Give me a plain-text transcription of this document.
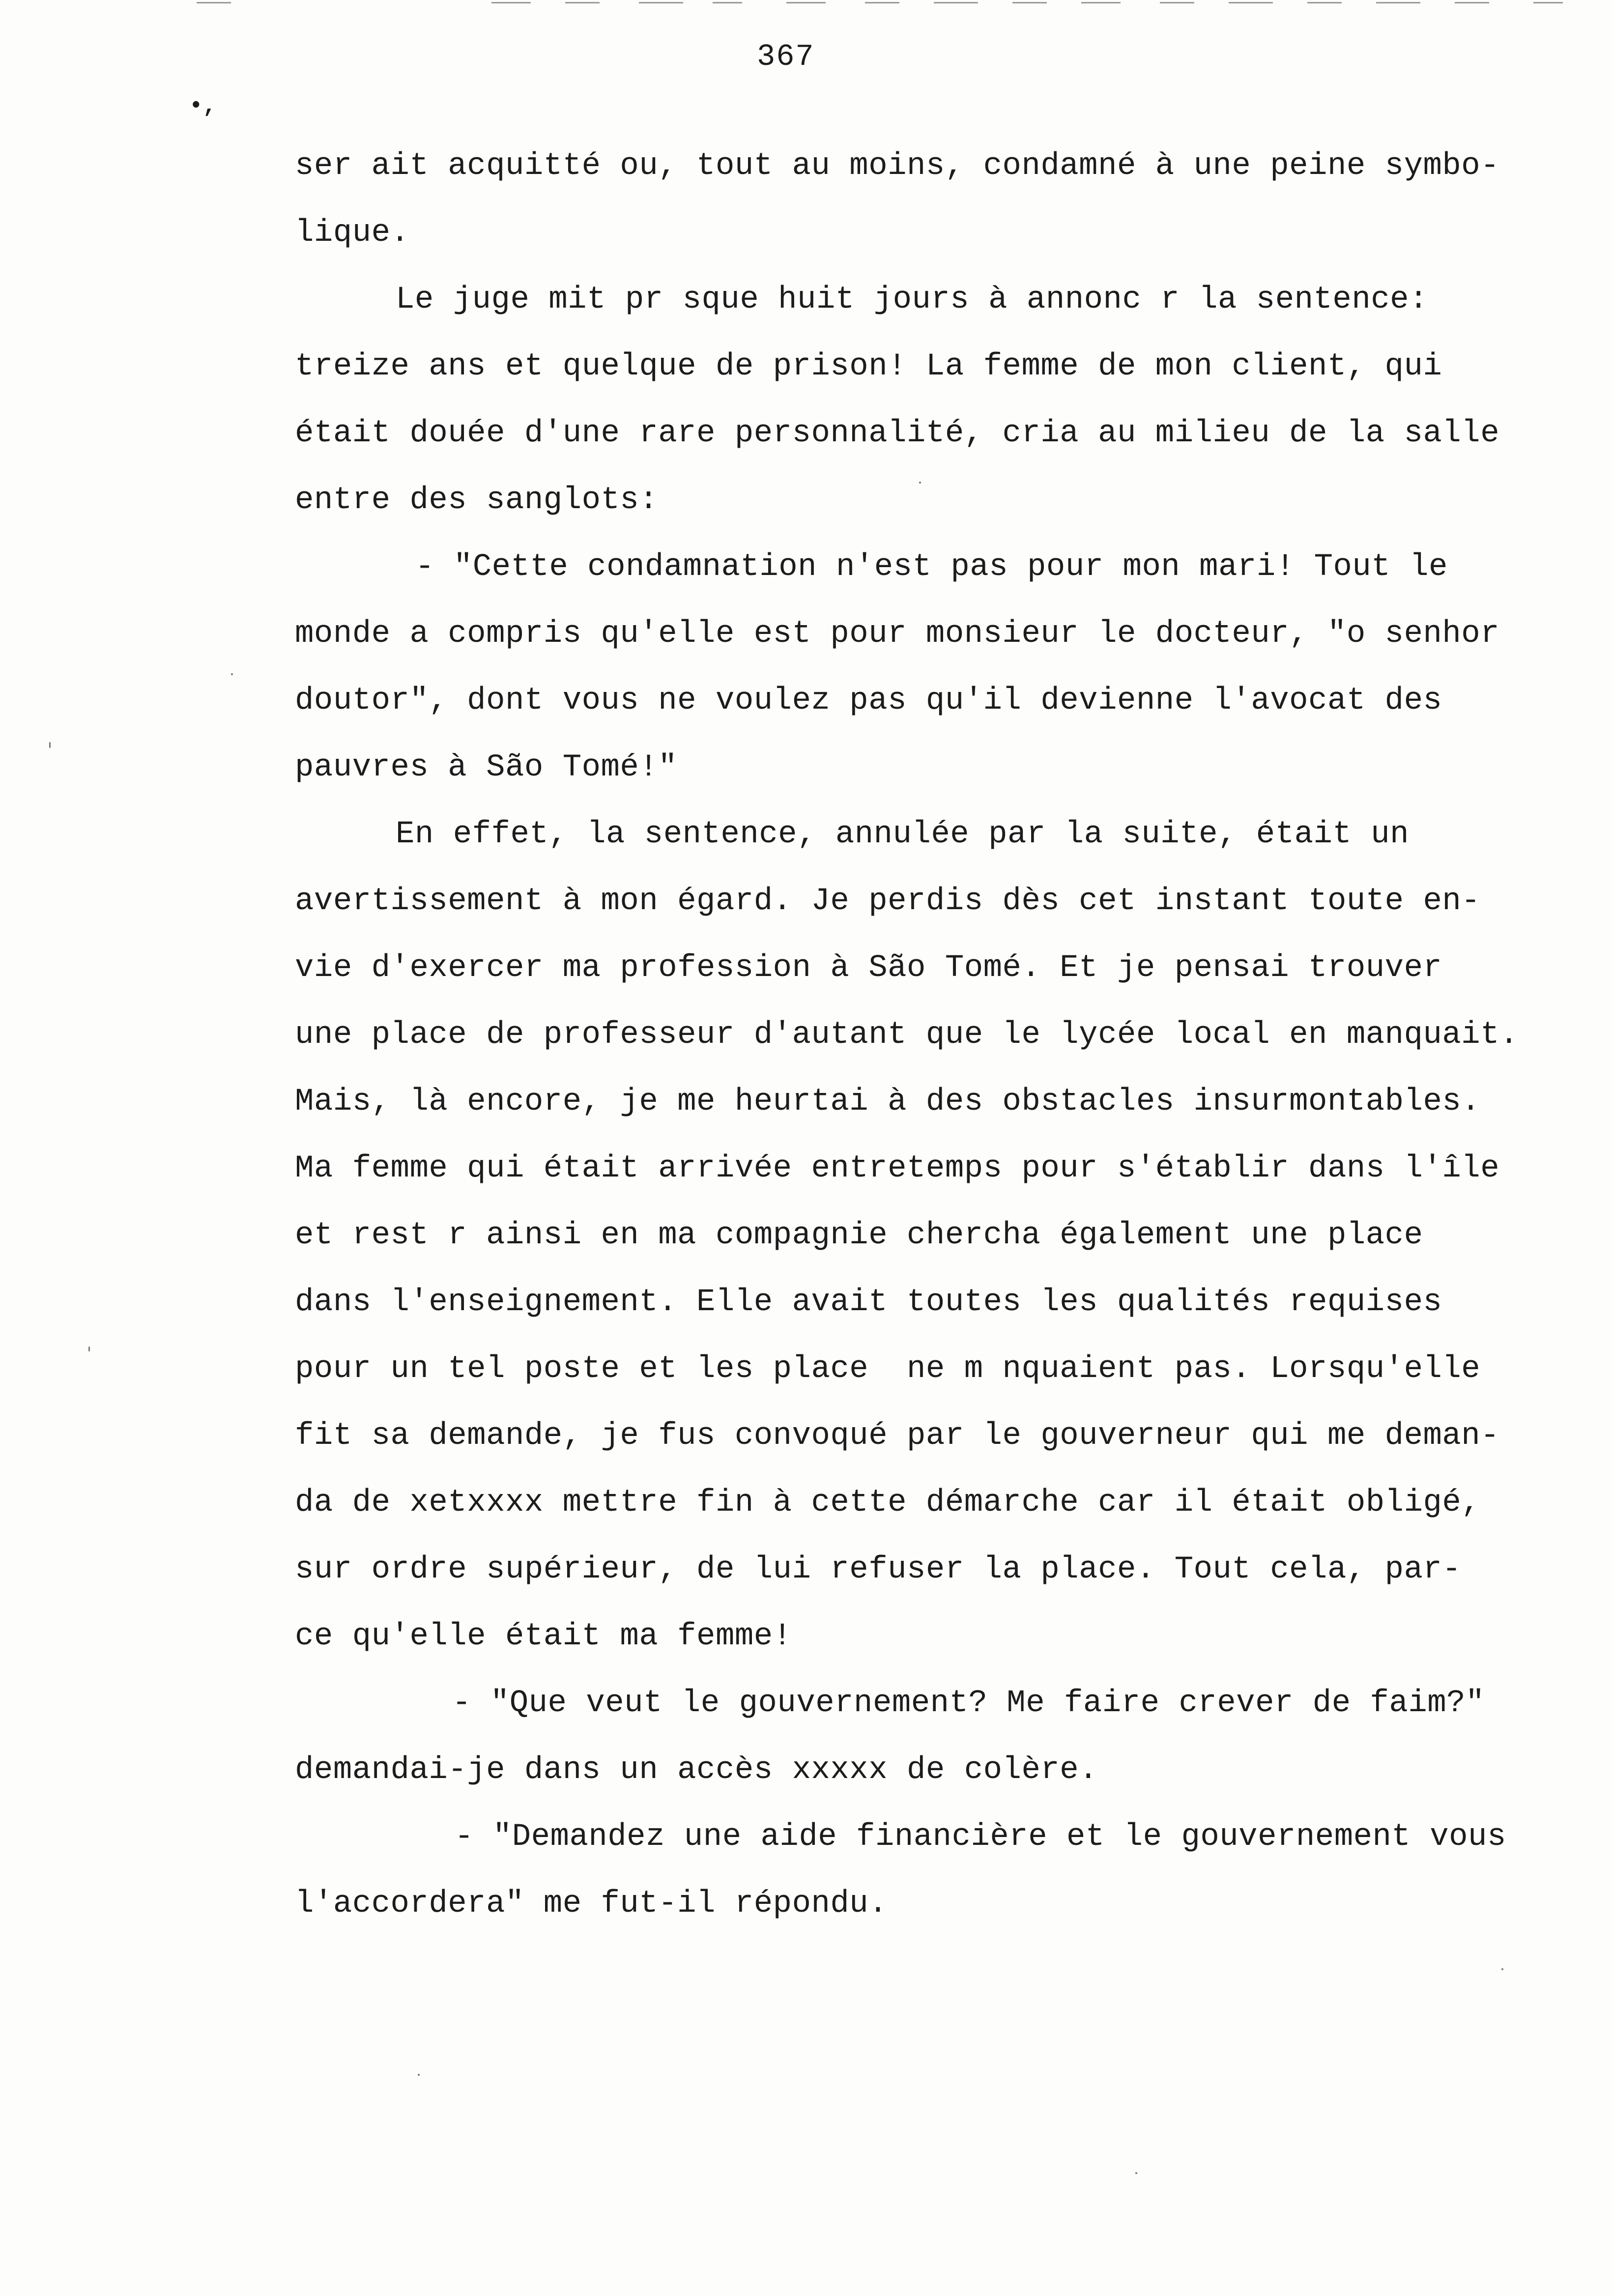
367
•,
ser ait acquitté ou, tout au moins, condamné à une peine symbo-
lique.
Le juge mit pr sque huit jours à annonc r la sentence:
treize ans et quelque de prison! La femme de mon client, qui
était douée d'une rare personnalité, cria au milieu de la salle
entre des sanglots:
- "Cette condamnation n'est pas pour mon mari! Tout le
monde a compris qu'elle est pour monsieur le docteur, "o senhor
doutor", dont vous ne voulez pas qu'il devienne l'avocat des
pauvres à São Tomé!"
En effet, la sentence, annulée par la suite, était un
avertissement à mon égard. Je perdis dès cet instant toute en-
vie d'exercer ma profession à São Tomé. Et je pensai trouver
une place de professeur d'autant que le lycée local en manquait.
Mais, là encore, je me heurtai à des obstacles insurmontables.
Ma femme qui était arrivée entretemps pour s'établir dans l'île
et rest r ainsi en ma compagnie chercha également une place
dans l'enseignement. Elle avait toutes les qualités requises
pour un tel poste et les place  ne m nquaient pas. Lorsqu'elle
fit sa demande, je fus convoqué par le gouverneur qui me deman-
da de xetxxxx mettre fin à cette démarche car il était obligé,
sur ordre supérieur, de lui refuser la place. Tout cela, par-
ce qu'elle était ma femme!
- "Que veut le gouvernement? Me faire crever de faim?"
demandai-je dans un accès xxxxx de colère.
- "Demandez une aide financière et le gouvernement vous
l'accordera" me fut-il répondu.
